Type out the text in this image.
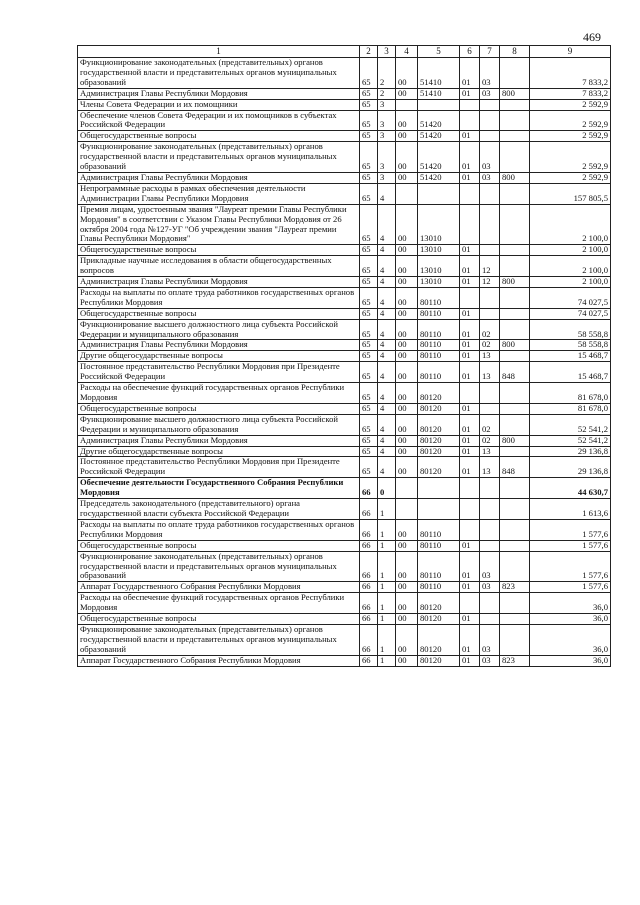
469
1	2	3	4	5	6	7	8	9
Функционирование законодательных (представительных) органов государственной власти и представительных органов муниципальных образований	65	2	00	51410	01	03		7 833,2
Администрация Главы Республики Мордовия	65	2	00	51410	01	03	800	7 833,2
Члены Совета Федерации и их помощники	65	3						2 592,9
Обеспечение членов Совета Федерации и их помощников в субъектах Российской Федерации	65	3	00	51420				2 592,9
Общегосударственные вопросы	65	3	00	51420	01			2 592,9
Функционирование законодательных (представительных) органов государственной власти и представительных органов муниципальных образований	65	3	00	51420	01	03		2 592,9
Администрация Главы Республики Мордовия	65	3	00	51420	01	03	800	2 592,9
Непрограммные расходы в рамках обеспечения деятельности Администрации Главы Республики Мордовия	65	4						157 805,5
Премия лицам, удостоенным звания "Лауреат премии Главы Республики Мордовия" в соответствии с Указом Главы Республики Мордовия от 26 октября 2004 года №127-УГ "Об учреждении звания "Лауреат премии Главы Республики Мордовия"	65	4	00	13010				2 100,0
Общегосударственные вопросы	65	4	00	13010	01			2 100,0
Прикладные научные исследования в области общегосударственных вопросов	65	4	00	13010	01	12		2 100,0
Администрация Главы Республики Мордовия	65	4	00	13010	01	12	800	2 100,0
Расходы на выплаты по оплате труда работников государственных органов Республики Мордовия	65	4	00	80110				74 027,5
Общегосударственные вопросы	65	4	00	80110	01			74 027,5
Функционирование высшего должностного лица субъекта Российской Федерации и муниципального образования	65	4	00	80110	01	02		58 558,8
Администрация Главы Республики Мордовия	65	4	00	80110	01	02	800	58 558,8
Другие общегосударственные вопросы	65	4	00	80110	01	13		15 468,7
Постоянное представительство Республики Мордовия при Президенте Российской Федерации	65	4	00	80110	01	13	848	15 468,7
Расходы на обеспечение функций государственных органов Республики Мордовия	65	4	00	80120				81 678,0
Общегосударственные вопросы	65	4	00	80120	01			81 678,0
Функционирование высшего должностного лица субъекта Российской Федерации и муниципального образования	65	4	00	80120	01	02		52 541,2
Администрация Главы Республики Мордовия	65	4	00	80120	01	02	800	52 541,2
Другие общегосударственные вопросы	65	4	00	80120	01	13		29 136,8
Постоянное представительство Республики Мордовия при Президенте Российской Федерации	65	4	00	80120	01	13	848	29 136,8
Обеспечение деятельности Государственного Собрания Республики Мордовия	66	0						44 630,7
Председатель законодательного (представительного) органа государственной власти субъекта Российской Федерации	66	1						1 613,6
Расходы на выплаты по оплате труда работников государственных органов Республики Мордовия	66	1	00	80110				1 577,6
Общегосударственные вопросы	66	1	00	80110	01			1 577,6
Функционирование законодательных (представительных) органов государственной власти и представительных органов муниципальных образований	66	1	00	80110	01	03		1 577,6
Аппарат Государственного Собрания Республики Мордовия	66	1	00	80110	01	03	823	1 577,6
Расходы на обеспечение функций государственных органов Республики Мордовия	66	1	00	80120				36,0
Общегосударственные вопросы	66	1	00	80120	01			36,0
Функционирование законодательных (представительных) органов государственной власти и представительных органов муниципальных образований	66	1	00	80120	01	03		36,0
Аппарат Государственного Собрания Республики Мордовия	66	1	00	80120	01	03	823	36,0
